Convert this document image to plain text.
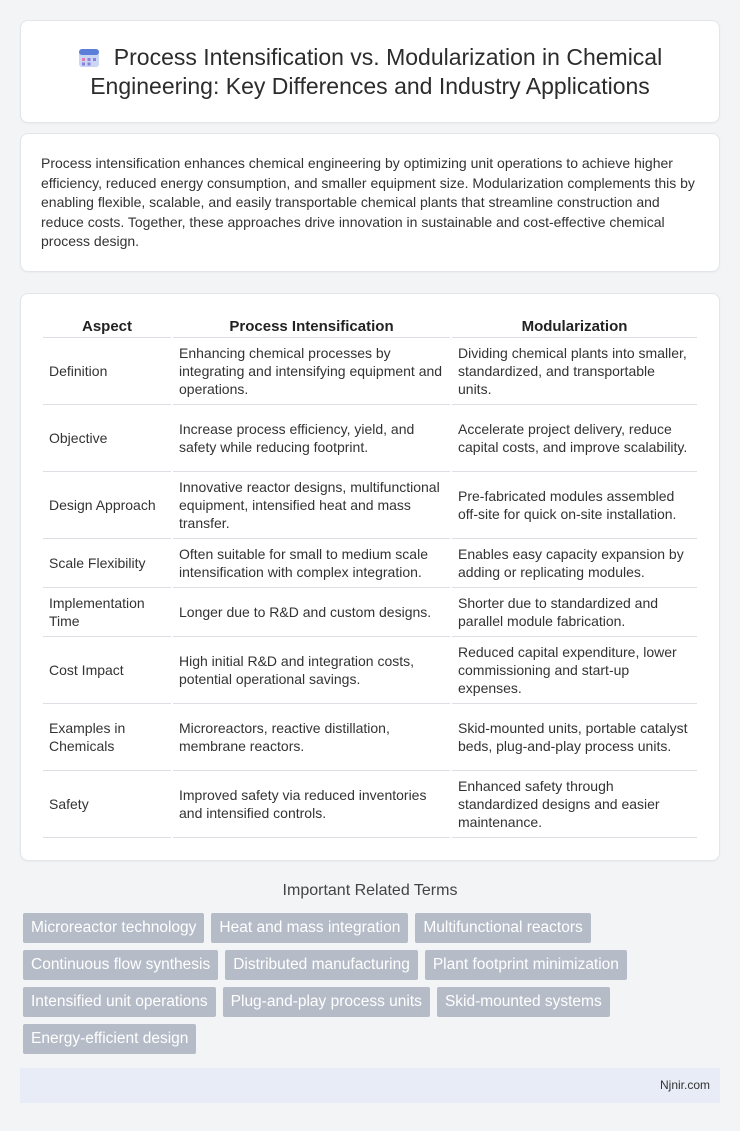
Process Intensification vs. Modularization in Chemical Engineering: Key Differences and Industry Applications

Process intensification enhances chemical engineering by optimizing unit operations to achieve higher efficiency, reduced energy consumption, and smaller equipment size. Modularization complements this by enabling flexible, scalable, and easily transportable chemical plants that streamline construction and reduce costs. Together, these approaches drive innovation in sustainable and cost-effective chemical process design.

Aspect	Process Intensification	Modularization
Definition	Enhancing chemical processes by integrating and intensifying equipment and operations.	Dividing chemical plants into smaller, standardized, and transportable units.
Objective	Increase process efficiency, yield, and safety while reducing footprint.	Accelerate project delivery, reduce capital costs, and improve scalability.
Design Approach	Innovative reactor designs, multifunctional equipment, intensified heat and mass transfer.	Pre-fabricated modules assembled off-site for quick on-site installation.
Scale Flexibility	Often suitable for small to medium scale intensification with complex integration.	Enables easy capacity expansion by adding or replicating modules.
Implementation Time	Longer due to R&D and custom designs.	Shorter due to standardized and parallel module fabrication.
Cost Impact	High initial R&D and integration costs, potential operational savings.	Reduced capital expenditure, lower commissioning and start-up expenses.
Examples in Chemicals	Microreactors, reactive distillation, membrane reactors.	Skid-mounted units, portable catalyst beds, plug-and-play process units.
Safety	Improved safety via reduced inventories and intensified controls.	Enhanced safety through standardized designs and easier maintenance.
Important Related Terms
Microreactor technology	Heat and mass integration	Multifunctional reactors
Continuous flow synthesis	Distributed manufacturing	Plant footprint minimization
Intensified unit operations	Plug-and-play process units	Skid-mounted systems
Energy-efficient design
Njnir.com
